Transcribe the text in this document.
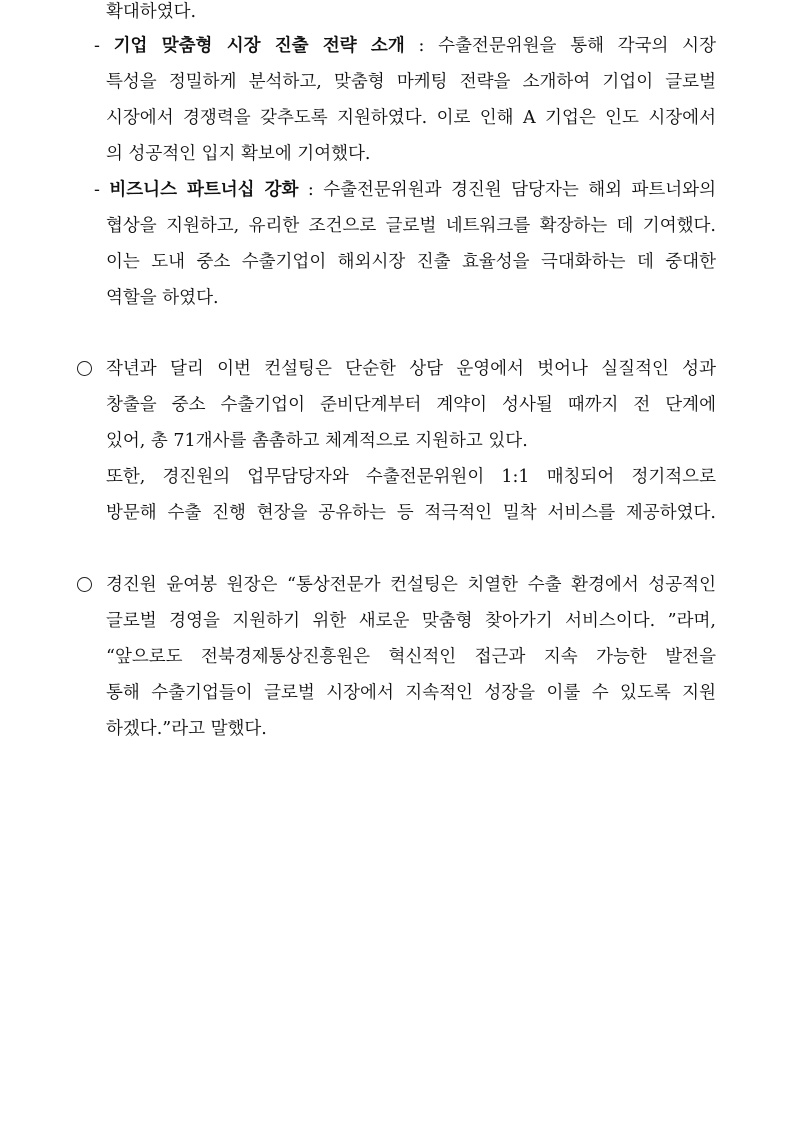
확대하였다.
- 기업 맞춤형 시장 진출 전략 소개 : 수출전문위원을 통해 각국의 시장
특성을 정밀하게 분석하고, 맞춤형 마케팅 전략을 소개하여 기업이 글로벌
시장에서 경쟁력을 갖추도록 지원하였다. 이로 인해 A 기업은 인도 시장에서
의 성공적인 입지 확보에 기여했다.
- 비즈니스 파트너십 강화 : 수출전문위원과 경진원 담당자는 해외 파트너와의
협상을 지원하고, 유리한 조건으로 글로벌 네트워크를 확장하는 데 기여했다.
이는 도내 중소 수출기업이 해외시장 진출 효율성을 극대화하는 데 중대한
역할을 하였다.
작년과 달리 이번 컨설팅은 단순한 상담 운영에서 벗어나 실질적인 성과
창출을 중소 수출기업이 준비단계부터 계약이 성사될 때까지 전 단계에
있어, 총 71개사를 촘촘하고 체계적으로 지원하고 있다.
또한, 경진원의 업무담당자와 수출전문위원이 1:1 매칭되어 정기적으로
방문해 수출 진행 현장을 공유하는 등 적극적인 밀착 서비스를 제공하였다.
경진원 윤여봉 원장은 “통상전문가 컨설팅은 치열한 수출 환경에서 성공적인
글로벌 경영을 지원하기 위한 새로운 맞춤형 찾아가기 서비스이다. ”라며,
“앞으로도 전북경제통상진흥원은 혁신적인 접근과 지속 가능한 발전을
통해 수출기업들이 글로벌 시장에서 지속적인 성장을 이룰 수 있도록 지원
하겠다.”라고 말했다.
